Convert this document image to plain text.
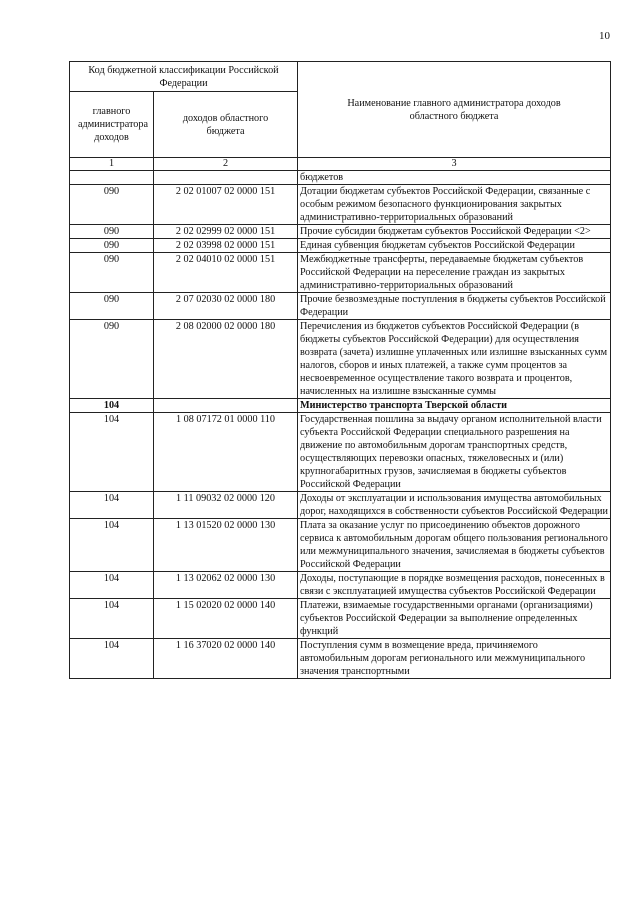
10
Код бюджетной классификации Российской Федерации		Наименование главного администратора доходов областного бюджета
главного администратора доходов	доходов областного бюджета	
1	2	3
		бюджетов
090	2 02 01007 02 0000 151	Дотации бюджетам субъектов Российской Федерации, связанные с особым режимом безопасного функционирования закрытых административно-территориальных образований
090	2 02 02999 02 0000 151	Прочие субсидии бюджетам субъектов Российской Федерации <2>
090	2 02 03998 02 0000 151	Единая субвенция бюджетам субъектов Российской Федерации
090	2 02 04010 02 0000 151	Межбюджетные трансферты, передаваемые бюджетам субъектов Российской Федерации на переселение граждан из закрытых административно-территориальных образований
090	2 07 02030 02 0000 180	Прочие безвозмездные поступления в бюджеты субъектов Российской Федерации
090	2 08 02000 02 0000 180	Перечисления из бюджетов субъектов Российской Федерации (в бюджеты субъектов Российской Федерации) для осуществления возврата (зачета) излишне уплаченных или излишне взысканных сумм налогов, сборов и иных платежей, а также сумм процентов за несвоевременное осуществление такого возврата и процентов, начисленных на излишне взысканные суммы
104		Министерство транспорта Тверской области
104	1 08 07172 01 0000 110	Государственная пошлина за выдачу органом исполнительной власти субъекта Российской Федерации специального разрешения на движение по автомобильным дорогам транспортных средств, осуществляющих перевозки опасных, тяжеловесных и (или) крупногабаритных грузов, зачисляемая в бюджеты субъектов Российской Федерации
104	1 11 09032 02 0000 120	Доходы от эксплуатации и использования имущества автомобильных дорог, находящихся в собственности субъектов Российской Федерации
104	1 13 01520 02 0000 130	Плата за оказание услуг по присоединению объектов дорожного сервиса к автомобильным дорогам общего пользования регионального или межмуниципального значения, зачисляемая в бюджеты субъектов Российской Федерации
104	1 13 02062 02 0000 130	Доходы, поступающие в порядке возмещения расходов, понесенных в связи с эксплуатацией имущества субъектов Российской Федерации
104	1 15 02020 02 0000 140	Платежи, взимаемые государственными органами (организациями) субъектов Российской Федерации за выполнение определенных функций
104	1 16 37020 02 0000 140	Поступления сумм в возмещение вреда, причиняемого автомобильным дорогам регионального или межмуниципального значения транспортными
